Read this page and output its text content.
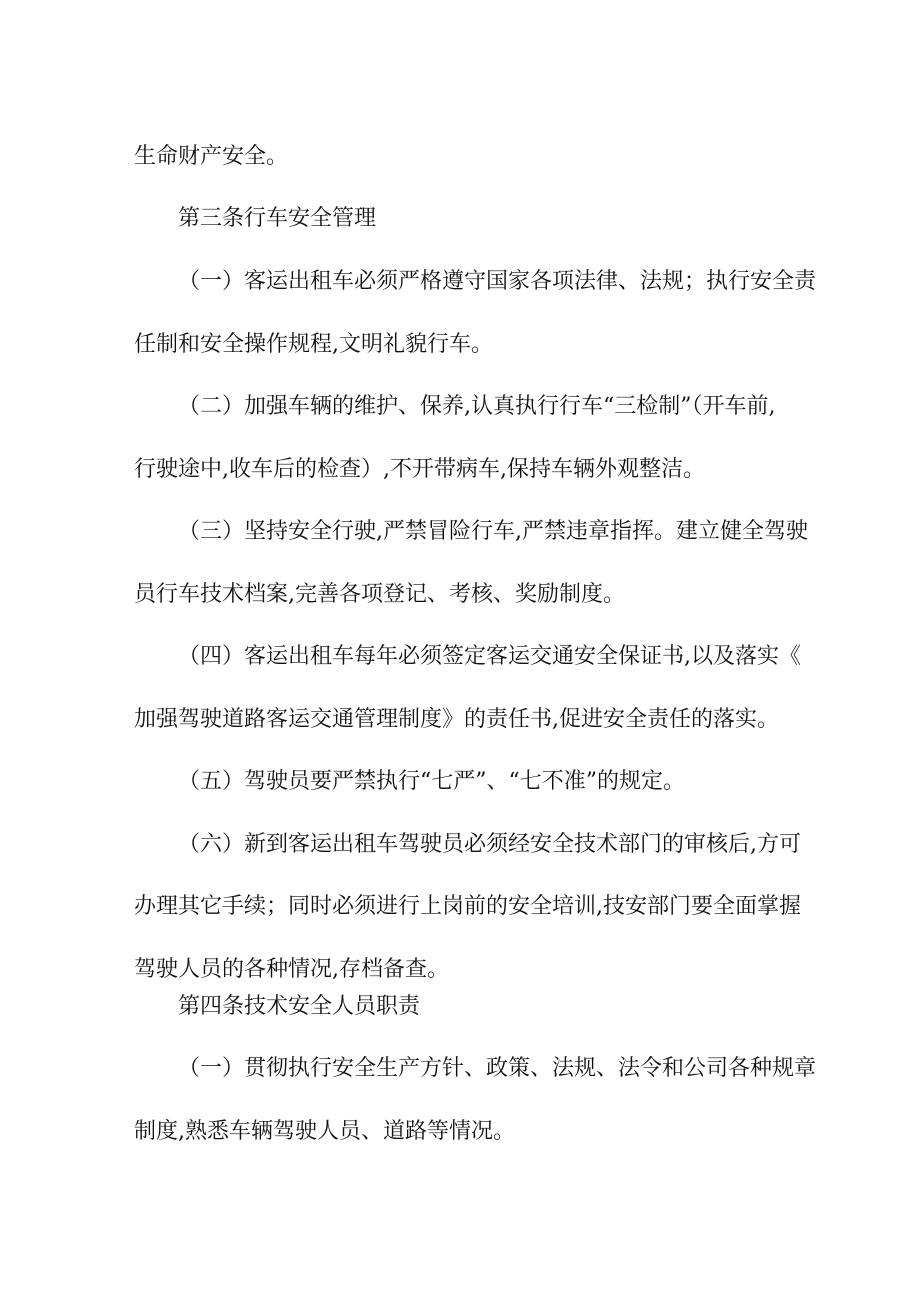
生命财产安全。

第三条行车安全管理

（一）客运出租车必须严格遵守国家各项法律、法规；执行安全责

任制和安全操作规程,文明礼貌行车。

（二）加强车辆的维护、保养,认真执行行车“三检制”（开车前,

行驶途中,收车后的检查）,不开带病车,保持车辆外观整洁。

（三）坚持安全行驶,严禁冒险行车,严禁违章指挥。建立健全驾驶

员行车技术档案,完善各项登记、考核、奖励制度。

（四）客运出租车每年必须签定客运交通安全保证书,以及落实《

加强驾驶道路客运交通管理制度》的责任书,促进安全责任的落实。

（五）驾驶员要严禁执行“七严”、“七不准”的规定。

（六）新到客运出租车驾驶员必须经安全技术部门的审核后,方可

办理其它手续；同时必须进行上岗前的安全培训,技安部门要全面掌握

驾驶人员的各种情况,存档备查。

第四条技术安全人员职责

（一）贯彻执行安全生产方针、政策、法规、法令和公司各种规章

制度,熟悉车辆驾驶人员、道路等情况。
